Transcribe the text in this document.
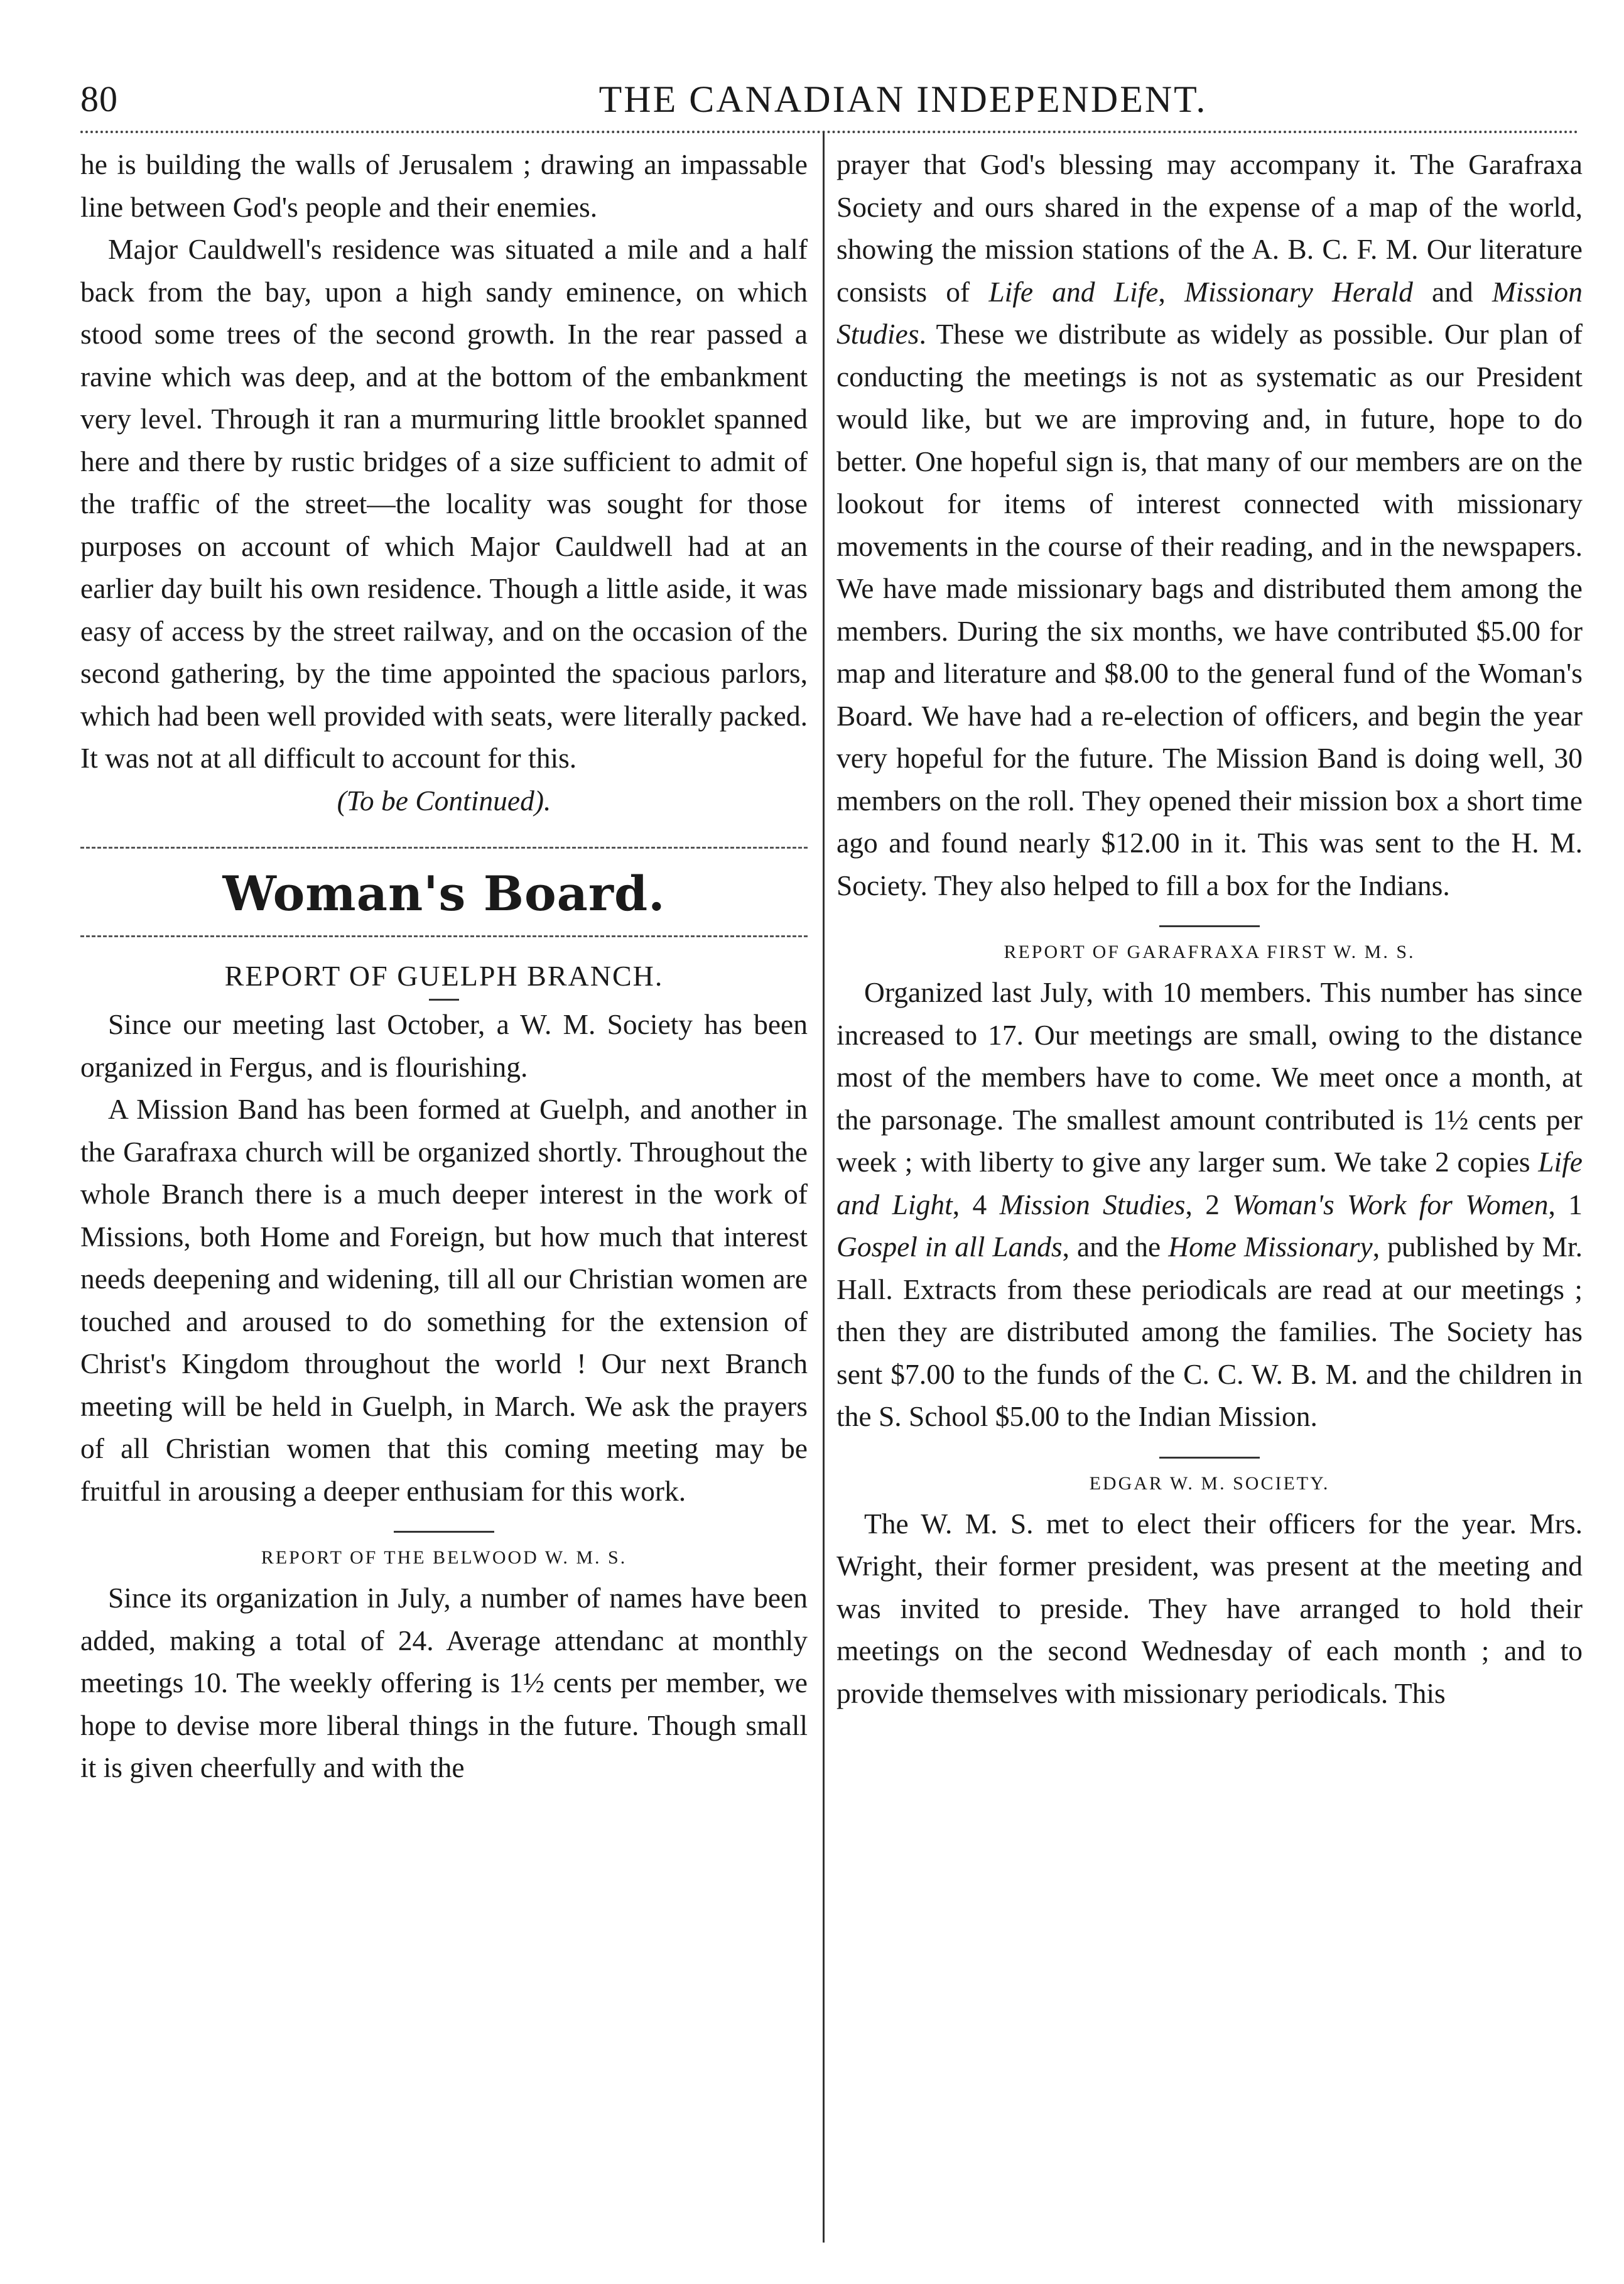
80	THE CANADIAN INDEPENDENT.

he is building the walls of Jerusalem ; drawing an impassable line between God's people and their enemies.

Major Cauldwell's residence was situated a mile and a half back from the bay, upon a high sandy eminence, on which stood some trees of the second growth. In the rear passed a ravine which was deep, and at the bottom of the embankment very level. Through it ran a murmuring little brooklet spanned here and there by rustic bridges of a size sufficient to admit of the traffic of the street—the locality was sought for those purposes on account of which Major Cauldwell had at an earlier day built his own residence. Though a little aside, it was easy of access by the street railway, and on the occasion of the second gathering, by the time appointed the spacious parlors, which had been well provided with seats, were literally packed. It was not at all difficult to account for this.

(To be Continued).

Woman's Board.

REPORT OF GUELPH BRANCH.

Since our meeting last October, a W. M. Society has been organized in Fergus, and is flourishing.

A Mission Band has been formed at Guelph, and another in the Garafraxa church will be organized shortly. Throughout the whole Branch there is a much deeper interest in the work of Missions, both Home and Foreign, but how much that interest needs deepening and widening, till all our Christian women are touched and aroused to do something for the extension of Christ's Kingdom throughout the world ! Our next Branch meeting will be held in Guelph, in March. We ask the prayers of all Christian women that this coming meeting may be fruitful in arousing a deeper enthusiam for this work.

REPORT OF THE BELWOOD W. M. S.

Since its organization in July, a number of names have been added, making a total of 24. Average attendanc at monthly meetings 10. The weekly offering is 1½ cents per member, we hope to devise more liberal things in the future. Though small it is given cheerfully and with the

prayer that God's blessing may accompany it. The Garafraxa Society and ours shared in the expense of a map of the world, showing the mission stations of the A. B. C. F. M. Our literature consists of Life and Life, Missionary Herald and Mission Studies. These we distribute as widely as possible. Our plan of conducting the meetings is not as systematic as our President would like, but we are improving and, in future, hope to do better. One hopeful sign is, that many of our members are on the lookout for items of interest connected with missionary movements in the course of their reading, and in the newspapers. We have made missionary bags and distributed them among the members. During the six months, we have contributed $5.00 for map and literature and $8.00 to the general fund of the Woman's Board. We have had a re-election of officers, and begin the year very hopeful for the future. The Mission Band is doing well, 30 members on the roll. They opened their mission box a short time ago and found nearly $12.00 in it. This was sent to the H. M. Society. They also helped to fill a box for the Indians.

REPORT OF GARAFRAXA FIRST W. M. S.

Organized last July, with 10 members. This number has since increased to 17. Our meetings are small, owing to the distance most of the members have to come. We meet once a month, at the parsonage. The smallest amount contributed is 1½ cents per week ; with liberty to give any larger sum. We take 2 copies Life and Light, 4 Mission Studies, 2 Woman's Work for Women, 1 Gospel in all Lands, and the Home Missionary, published by Mr. Hall. Extracts from these periodicals are read at our meetings ; then they are distributed among the families. The Society has sent $7.00 to the funds of the C. C. W. B. M. and the children in the S. School $5.00 to the Indian Mission.

EDGAR W. M. SOCIETY.

The W. M. S. met to elect their officers for the year. Mrs. Wright, their former president, was present at the meeting and was invited to preside. They have arranged to hold their meetings on the second Wednesday of each month ; and to provide themselves with missionary periodicals. This
